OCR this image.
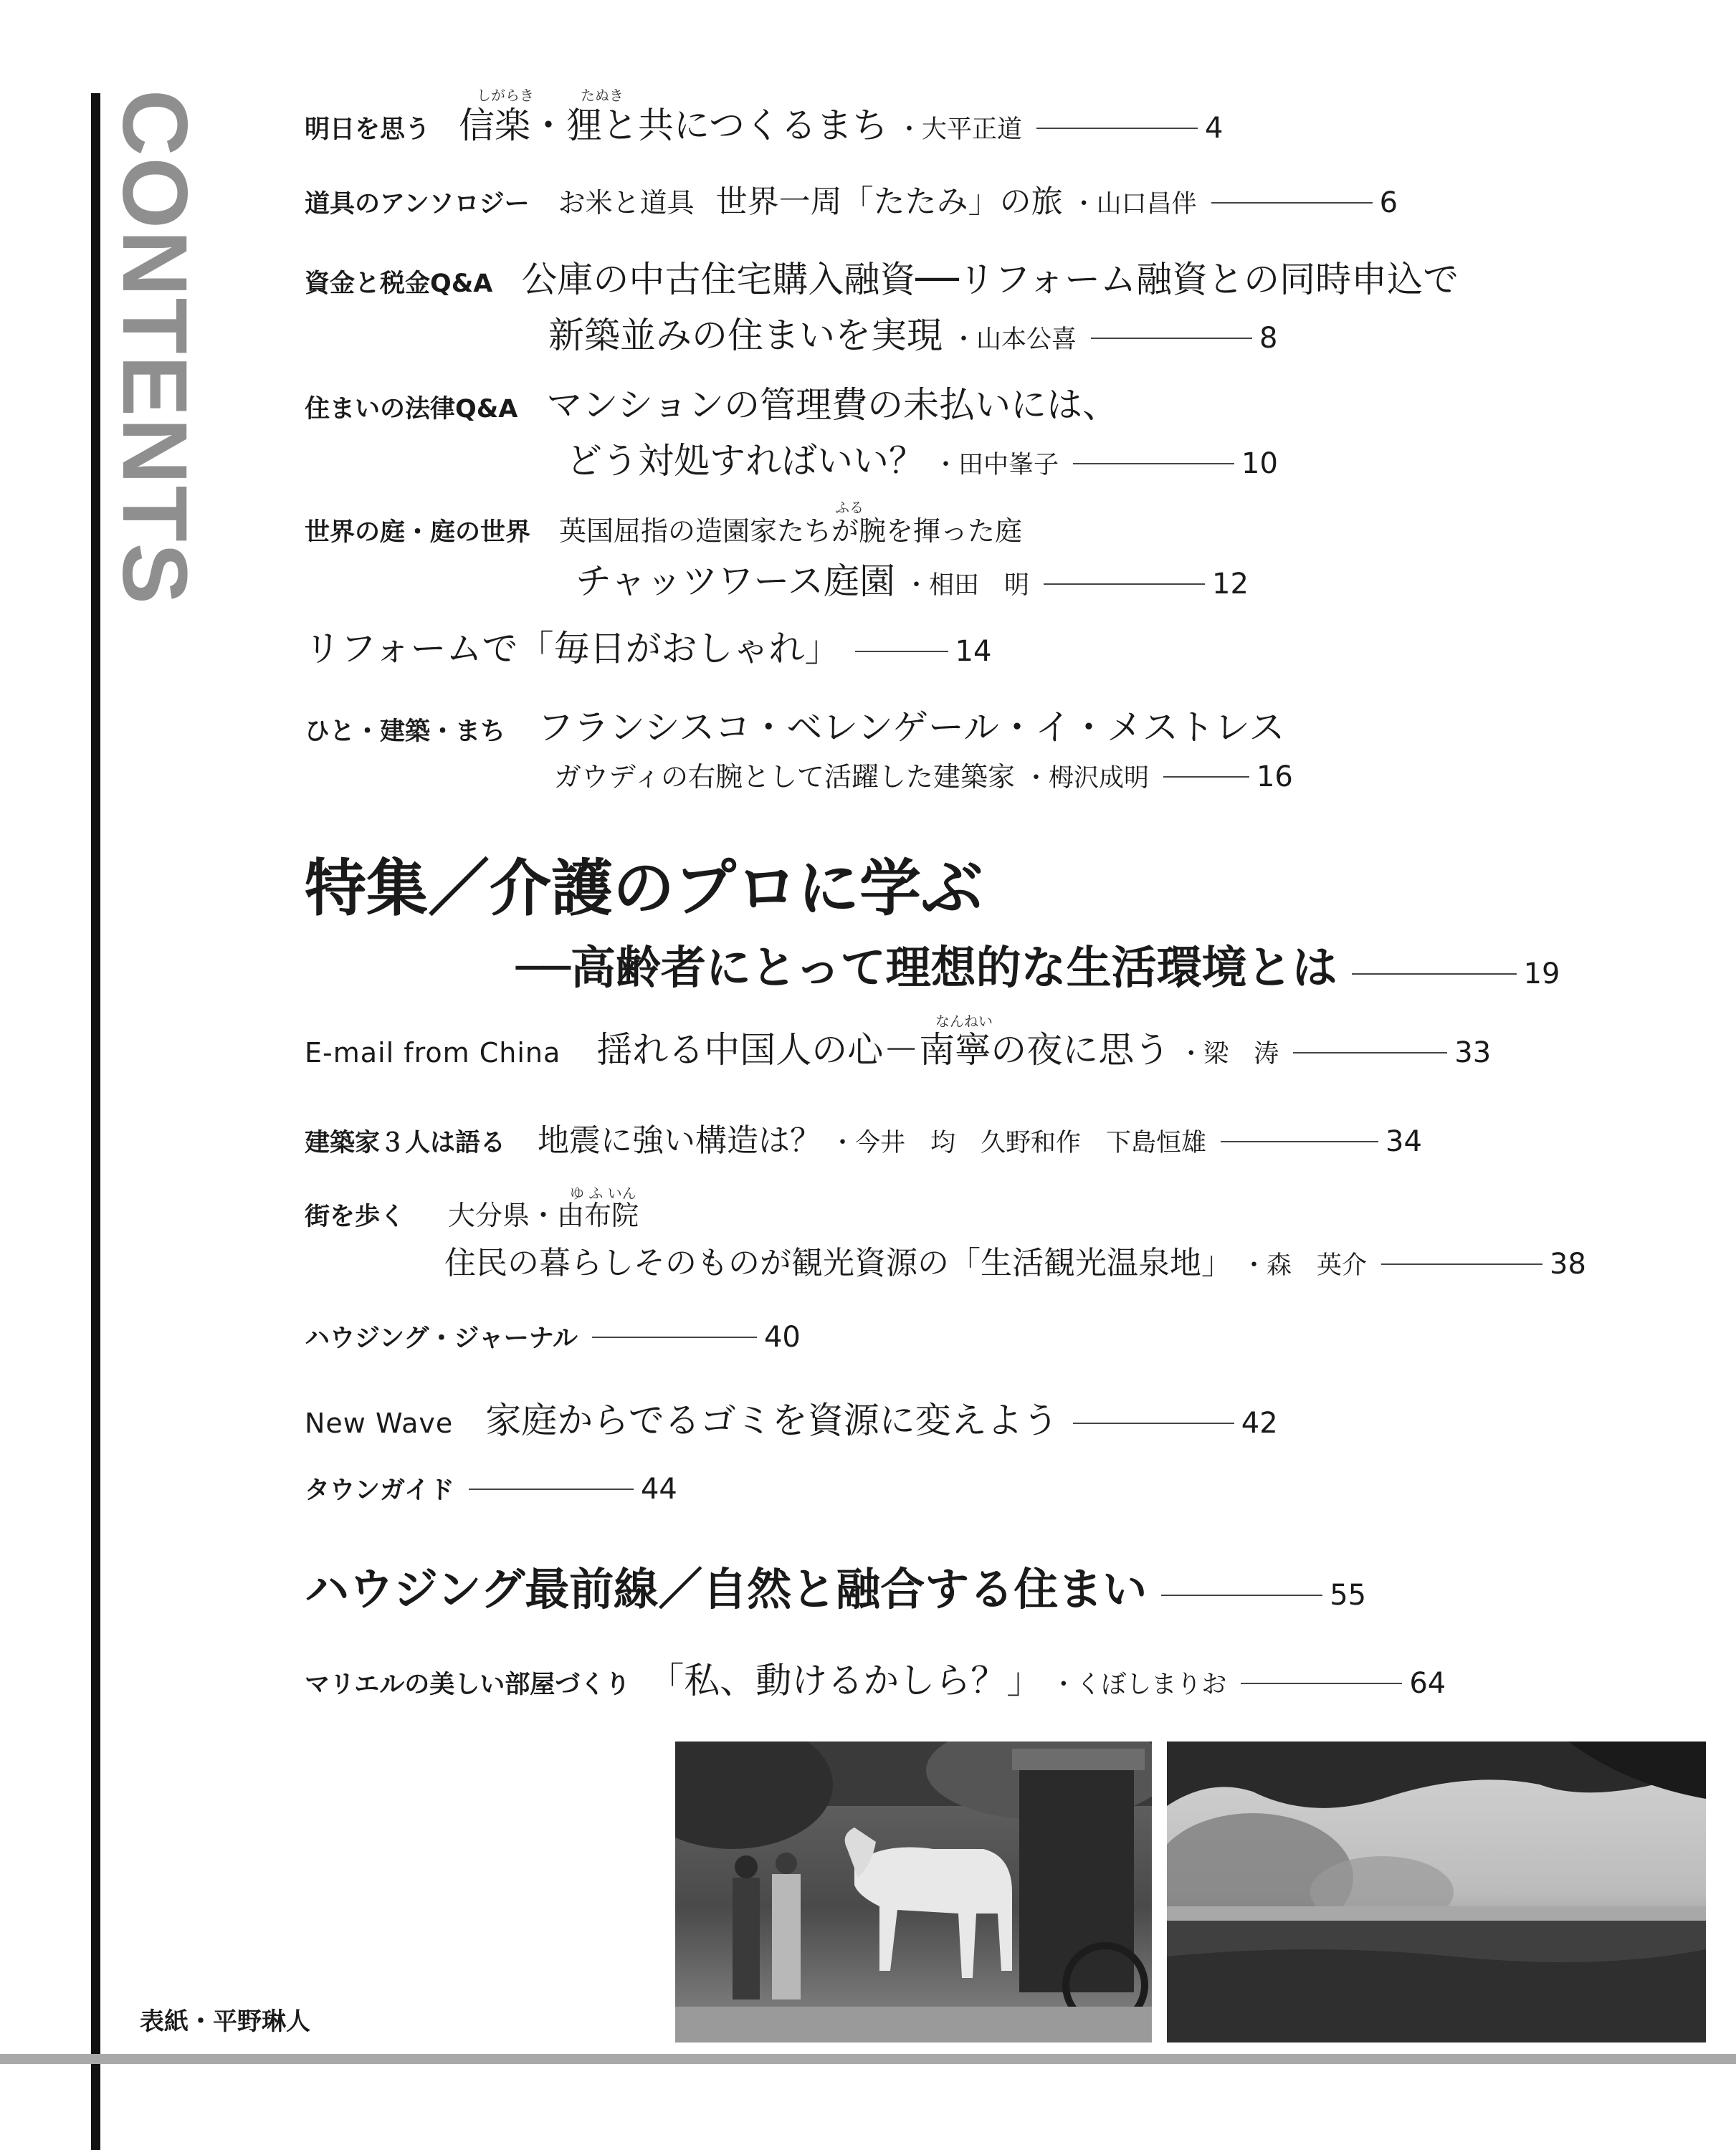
CONTENTS	しがらき	たぬき
明日を思う 信楽 ・ 狸と共につくるまち ・大平正道	4
道具のアンソロジー お米と道具 世界一周「たたみ」の旅 ・山口昌伴	6
資金と税金Q&A 公庫の中古住宅購入融資──リフォーム融資との同時申込で
新築並みの住まいを実現 ・山本公喜	8
住まいの法律Q&A マンションの管理費の未払いには、
どう対処すればいい？ ・田中峯子	10
ふる
世界の庭・庭の世界 英国屈指の造園家たちが腕を揮った庭
チャッツワース庭園 ・相田　明	12
リフォームで「毎日がおしゃれ」	14
ひと・建築・まち フランシスコ・ベレンゲール・イ・メストレス
ガウディの右腕として活躍した建築家 ・栂沢成明	16
特集／介護のプロに学ぶ
──高齢者にとって理想的な生活環境とは	19
なんねい
E-mail from China 揺れる中国人の心－南寧の夜に思う ・梁　涛	33
建築家３人は語る 地震に強い構造は？ ・今井　均　久野和作　下島恒雄	34
ゆ ふ いん
街を歩く 大分県・由布院
住民の暮らしそのものが観光資源の「生活観光温泉地」 ・森　英介	38
ハウジング・ジャーナル	40
New Wave 家庭からでるゴミを資源に変えよう	42
タウンガイド	44
ハウジング最前線／自然と融合する住まい	55
マリエルの美しい部屋づくり 「私、動けるかしら？」 ・くぼしまりお	64
表紙・平野琳人
